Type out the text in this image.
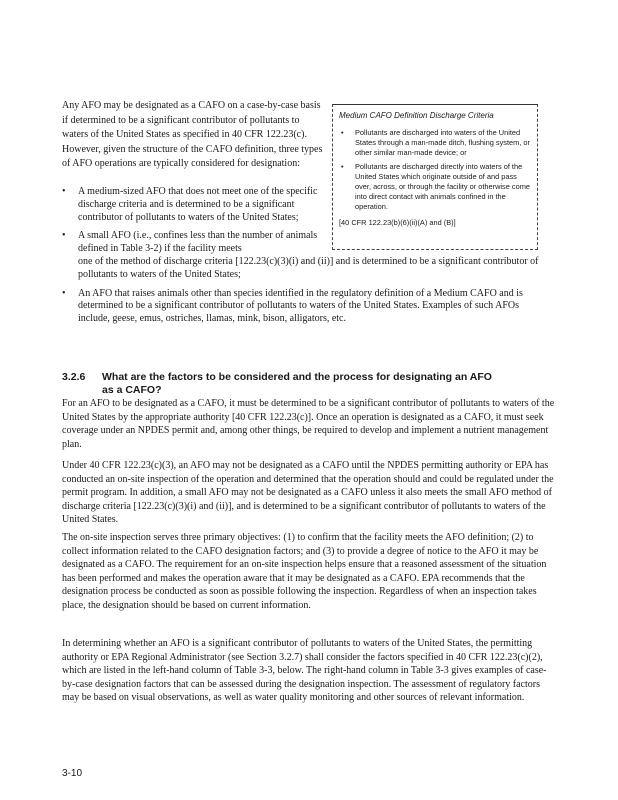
Any AFO may be designated as a CAFO on a case-by-case basis if determined to be a significant contributor of pollutants to waters of the United States as specified in 40 CFR 122.23(c). However, given the structure of the CAFO definition, three types of AFO operations are typically considered for designation:

Medium CAFO Definition Discharge Criteria

• Pollutants are discharged into waters of the United States through a man-made ditch, flushing system, or other similar man-made device; or
• Pollutants are discharged directly into waters of the United States which originate outside of and pass over, across, or through the facility or otherwise come into direct contact with animals confined in the operation.
[40 CFR 122.23(b)(6)(ii)(A) and (B)]
• A medium-sized AFO that does not meet one of the specific discharge criteria and is determined to be a significant contributor of pollutants to waters of the United States;
• A small AFO (i.e., confines less than the number of animals defined in Table 3-2) if the facility meets
one of the method of discharge criteria [122.23(c)(3)(i) and (ii)] and is determined to be a significant contributor of pollutants to waters of the United States;
• An AFO that raises animals other than species identified in the regulatory definition of a Medium CAFO and is determined to be a significant contributor of pollutants to waters of the United States. Examples of such AFOs include, geese, emus, ostriches, llamas, mink, bison, alligators, etc.
3.2.6 What are the factors to be considered and the process for designating an AFO
as a CAFO?

For an AFO to be designated as a CAFO, it must be determined to be a significant contributor of pollutants to waters of the United States by the appropriate authority [40 CFR 122.23(c)]. Once an operation is designated as a CAFO, it must seek coverage under an NPDES permit and, among other things, be required to develop and implement a nutrient management plan.

Under 40 CFR 122.23(c)(3), an AFO may not be designated as a CAFO until the NPDES permitting authority or EPA has conducted an on-site inspection of the operation and determined that the operation should and could be regulated under the permit program. In addition, a small AFO may not be designated as a CAFO unless it also meets the small AFO method of discharge criteria [122.23(c)(3)(i) and (ii)], and is determined to be a significant contributor of pollutants to waters of the United States.

The on-site inspection serves three primary objectives: (1) to confirm that the facility meets the AFO definition; (2) to collect information related to the CAFO designation factors; and (3) to provide a degree of notice to the AFO it may be designated as a CAFO. The requirement for an on-site inspection helps ensure that a reasoned assessment of the situation has been performed and makes the operation aware that it may be designated as a CAFO. EPA recommends that the designation process be conducted as soon as possible following the inspection. Regardless of when an inspection takes place, the designation should be based on current information.

In determining whether an AFO is a significant contributor of pollutants to waters of the United States, the permitting authority or EPA Regional Administrator (see Section 3.2.7) shall consider the factors specified in 40 CFR 122.23(c)(2), which are listed in the left-hand column of Table 3-3, below. The right-hand column in Table 3-3 gives examples of case-by-case designation factors that can be assessed during the designation inspection. The assessment of regulatory factors may be based on visual observations, as well as water quality monitoring and other sources of relevant information.

3-10
